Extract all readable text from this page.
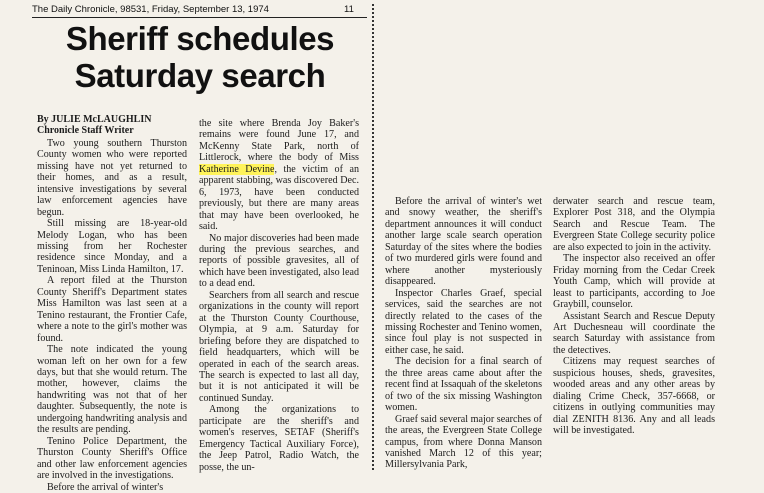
The Daily Chronicle, 98531, Friday, September 13, 1974	11
Sheriff schedules
Saturday search
By JULIE McLAUGHLIN
Chronicle Staff Writer

Two young southern Thurston County women who were reported missing have not yet returned to their homes, and as a result, intensive investigations by several law enforcement agencies have begun.

Still missing are 18-year-old Melody Logan, who has been missing from her Rochester residence since Monday, and a Teninoan, Miss Linda Hamilton, 17.

A report filed at the Thurston County Sheriff's Department states Miss Hamilton was last seen at a Tenino restaurant, the Frontier Cafe, where a note to the girl's mother was found.

The note indicated the young woman left on her own for a few days, but that she would return. The mother, however, claims the handwriting was not that of her daughter. Subsequently, the note is undergoing handwriting analysis and the results are pending.

Tenino Police Department, the Thurston County Sheriff's Office and other law enforcement agencies are involved in the investigations.

Before the arrival of winter's

the site where Brenda Joy Baker's remains were found June 17, and McKenny State Park, north of Littlerock, where the body of Miss Katherine Devine, the victim of an apparent stabbing, was discovered Dec. 6, 1973, have been conducted previously, but there are many areas that may have been overlooked, he said.

No major discoveries had been made during the previous searches, and reports of possible gravesites, all of which have been investigated, also lead to a dead end.

Searchers from all search and rescue organizations in the county will report at the Thurston County Courthouse, Olympia, at 9 a.m. Saturday for briefing before they are dispatched to field headquarters, which will be operated in each of the search areas. The search is expected to last all day, but it is not anticipated it will be continued Sunday.

Among the organizations to participate are the sheriff's and women's reserves, SETAF (Sheriff's Emergency Tactical Auxiliary Force), the Jeep Patrol, Radio Watch, the posse, the un-

Before the arrival of winter's wet and snowy weather, the sheriff's department announces it will conduct another large scale search operation Saturday of the sites where the bodies of two murdered girls were found and where another mysteriously disappeared.

Inspector Charles Graef, special services, said the searches are not directly related to the cases of the missing Rochester and Tenino women, since foul play is not suspected in either case, he said.

The decision for a final search of the three areas came about after the recent find at Issaquah of the skeletons of two of the six missing Washington women.

Graef said several major searches of the areas, the Evergreen State College campus, from where Donna Manson vanished March 12 of this year; Millersylvania Park,

derwater search and rescue team, Explorer Post 318, and the Olympia Search and Rescue Team. The Evergreen State College security police are also expected to join in the activity.

The inspector also received an offer Friday morning from the Cedar Creek Youth Camp, which will provide at least to participants, according to Joe Graybill, counselor.

Assistant Search and Rescue Deputy Art Duchesneau will coordinate the search Saturday with assistance from the detectives.

Citizens may request searches of suspicious houses, sheds, gravesites, wooded areas and any other areas by dialing Crime Check, 357-6668, or citizens in outlying communities may dial ZENITH 8136. Any and all leads will be investigated.
